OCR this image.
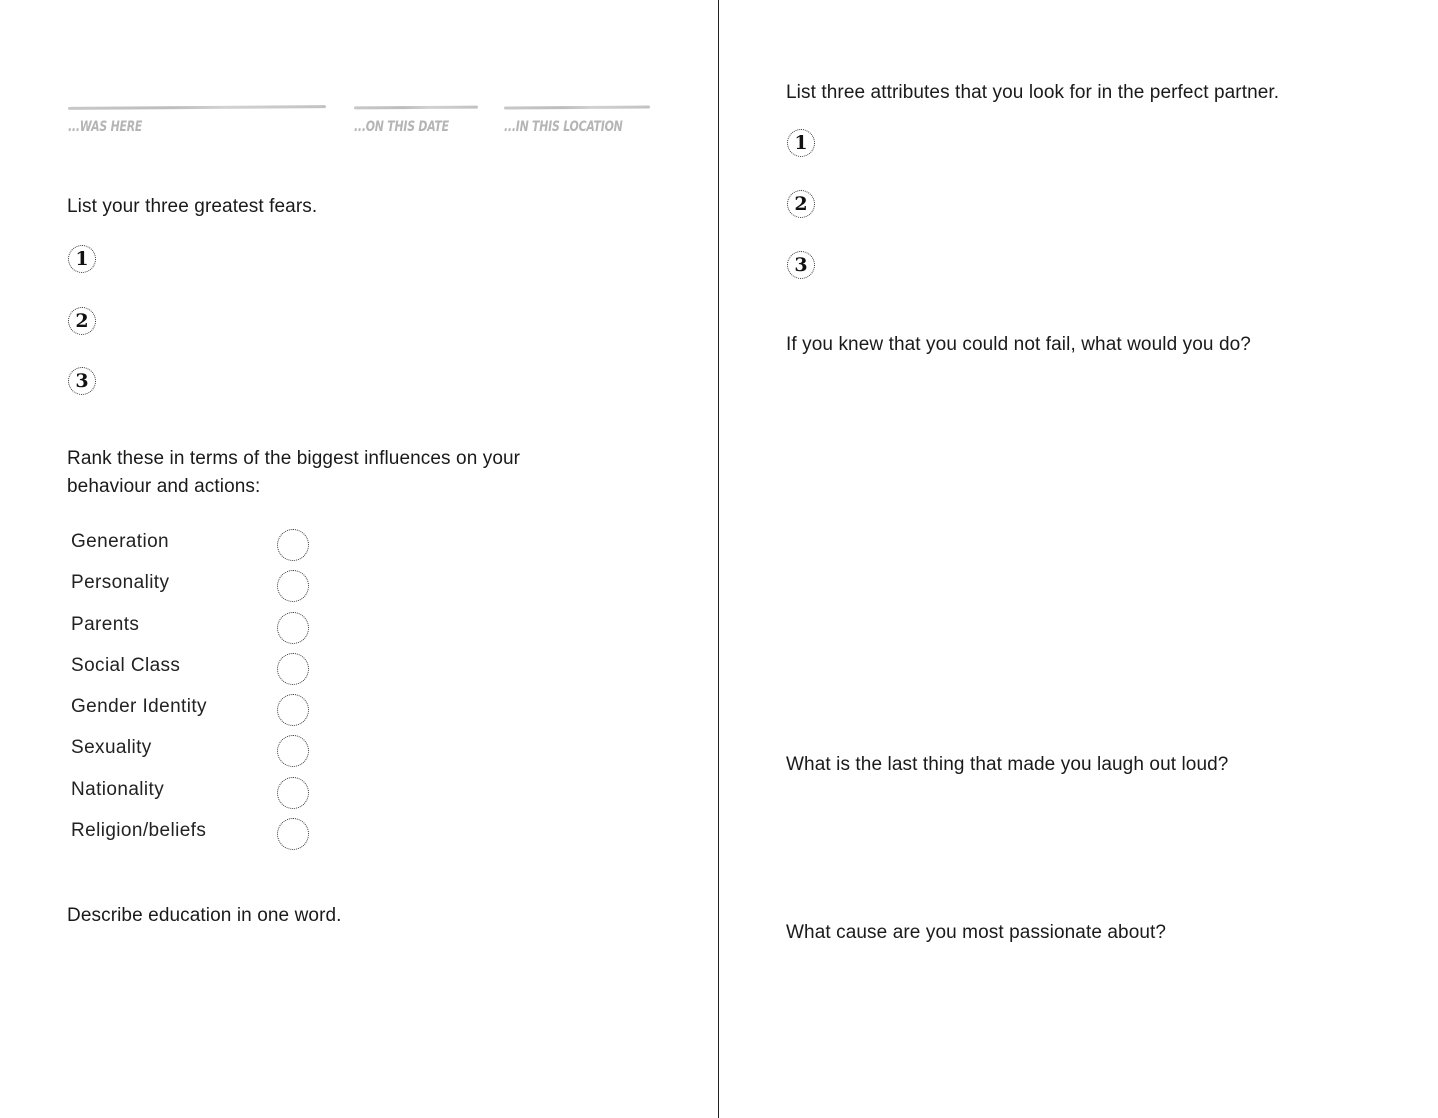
...WAS HERE	...ON THIS DATE	...IN THIS LOCATION
List your three greatest fears.
1
2
3
Rank these in terms of the biggest influences on your behaviour and actions:
Generation
Personality
Parents
Social Class
Gender Identity
Sexuality
Nationality
Religion/beliefs
Describe education in one word.
List three attributes that you look for in the perfect partner.
1
2
3
If you knew that you could not fail, what would you do?
What is the last thing that made you laugh out loud?
What cause are you most passionate about?
